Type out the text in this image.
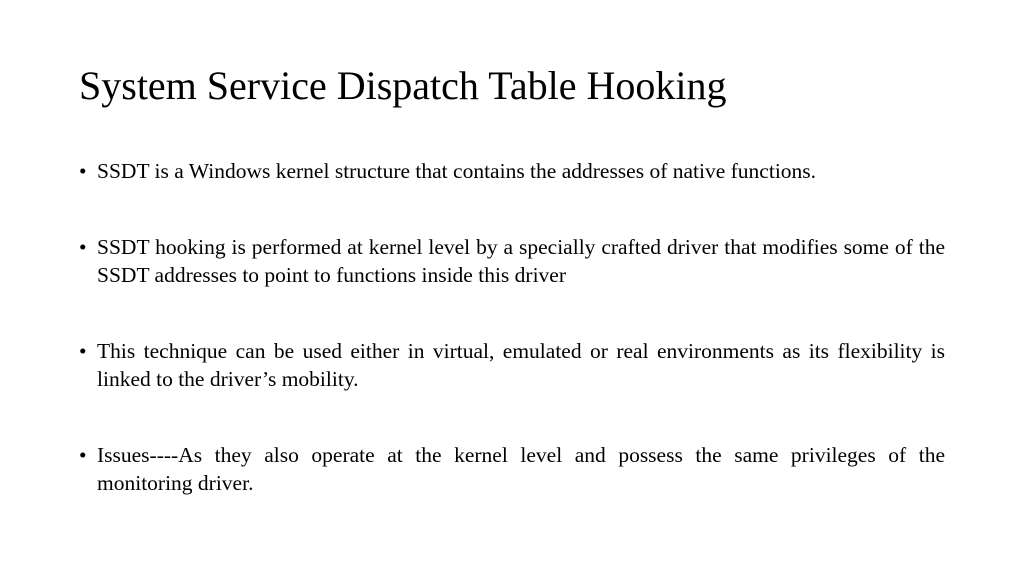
System Service Dispatch Table Hooking
• SSDT is a Windows kernel structure that contains the addresses of native functions.
• SSDT hooking is performed at kernel level by a specially crafted driver that modifies some of the SSDT addresses to point to functions inside this driver
• This technique can be used either in virtual, emulated or real environments as its flexibility is linked to the driver’s mobility.
• Issues----As they also operate at the kernel level and possess the same privileges of the monitoring driver.
